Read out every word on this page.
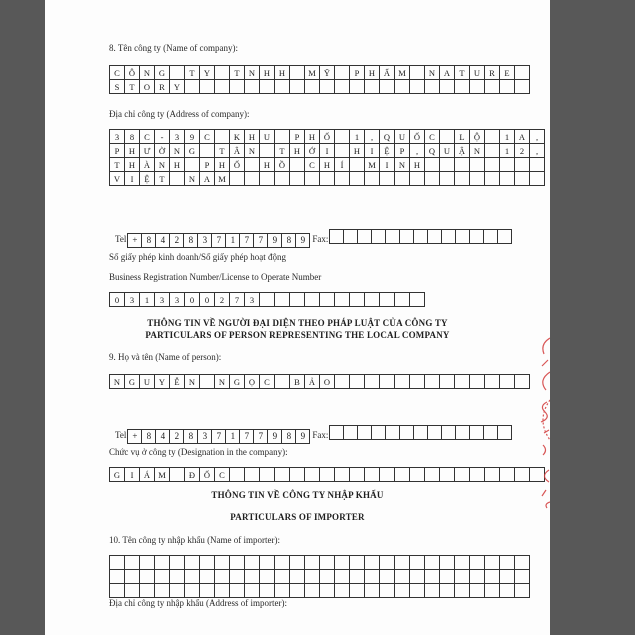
8. Tên công ty (Name of company):
C	Ô	N	G		T	Y		T	N	H	H		M	Ỹ		P	H	Ẩ	M		N	A	T	U	R	E	
S	T	O	R	Y																							
Địa chỉ công ty (Address of company):
3	8	C	-	3	9	C		K	H	U		P	H	Ố		1	,	Q	U	Ố	C		L	Ộ		1	A	,
P	H	Ư	Ờ	N	G		T	Â	N		T	H	Ớ	I		H	I	Ệ	P	,	Q	U	Ậ	N		1	2	,
T	H	À	N	H		P	H	Ố		H	Ồ		C	H	Í		M	I	N	H								
V	I	Ệ	T		N	A	M																					
Tel + 8 4 2 8 3 7 1 7 7 9 8 9 Fax:
Số giấy phép kinh doanh/Số giấy phép hoạt động
Business Registration Number/License to Operate Number
0	3	1	3	3	0	0	2	7	3											
THÔNG TIN VỀ NGƯỜI ĐẠI DIỆN THEO PHÁP LUẬT CỦA CÔNG TY
PARTICULARS OF PERSON REPRESENTING THE LOCAL COMPANY
9. Họ và tên (Name of person):
N	G	U	Y	Ễ	N		N	G	Ọ	C		B	Ả	O													
Tel + 8 4 2 8 3 7 1 7 7 9 8 9 Fax:
Chức vụ ở công ty (Designation in the company):
G	I	Á	M		Đ	Ố	C																					
THÔNG TIN VỀ CÔNG TY NHẬP KHẨU
PARTICULARS OF IMPORTER
10. Tên công ty nhập khẩu (Name of importer):

Địa chỉ công ty nhập khẩu (Address of importer):
